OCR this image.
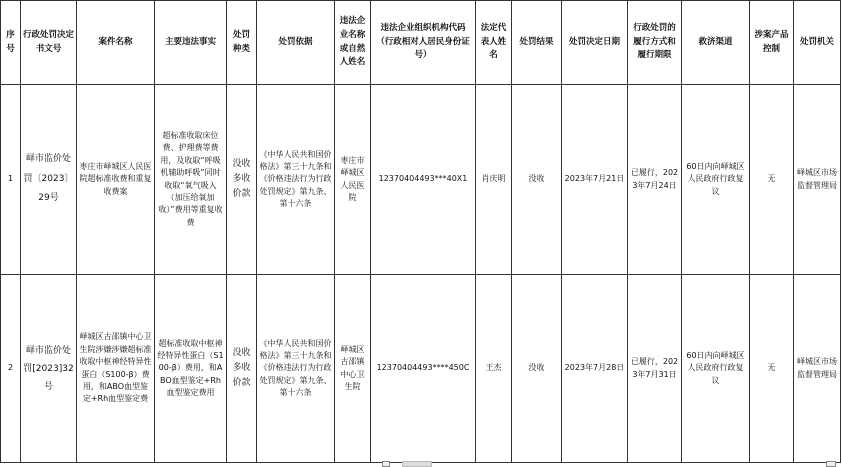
序号	行政处罚决定书文号	案件名称	主要违法事实	处罚种类	处罚依据	违法企业名称或自然人姓名	违法企业组织机构代码（行政相对人居民身份证号）	法定代表人姓名	处罚结果	处罚决定日期	行政处罚的履行方式和履行期限	救济渠道	涉案产品控制	处罚机关
1	峄市监价处罚〔2023〕29号	枣庄市峄城区人民医院超标准收费和重复收费案	超标准收取床位费、护理费等费用，及收取“呼吸机辅助呼吸”同时收取“氧气吸入（加压给氧加收）”费用等重复收费	没收多收价款	《中华人民共和国价格法》第三十九条和《价格违法行为行政处罚规定》第九条、第十六条	枣庄市峄城区人民医院	12370404493***40X1	肖庆明	没收	2023年7月21日	已履行，2023年7月24日	60日内向峄城区人民政府行政复议	无	峄城区市场监督管理局
2	峄市监价处罚[2023]32号	峄城区古邵镇中心卫生院涉嫌涉嫌超标准收取中枢神经特异性蛋白（S100-β）费用，和ABO血型鉴定+Rh血型鉴定费	超标准收取中枢神经特异性蛋白（S100-β）费用，和ABO血型鉴定+Rh血型鉴定费用	没收多收价款	《中华人民共和国价格法》第三十九条和《价格违法行为行政处罚规定》第九条、第十六条	峄城区古邵镇中心卫生院	12370404493****450C	王杰	没收	2023年7月28日	已履行，2023年7月31日	60日内向峄城区人民政府行政复议	无	峄城区市场监督管理局
